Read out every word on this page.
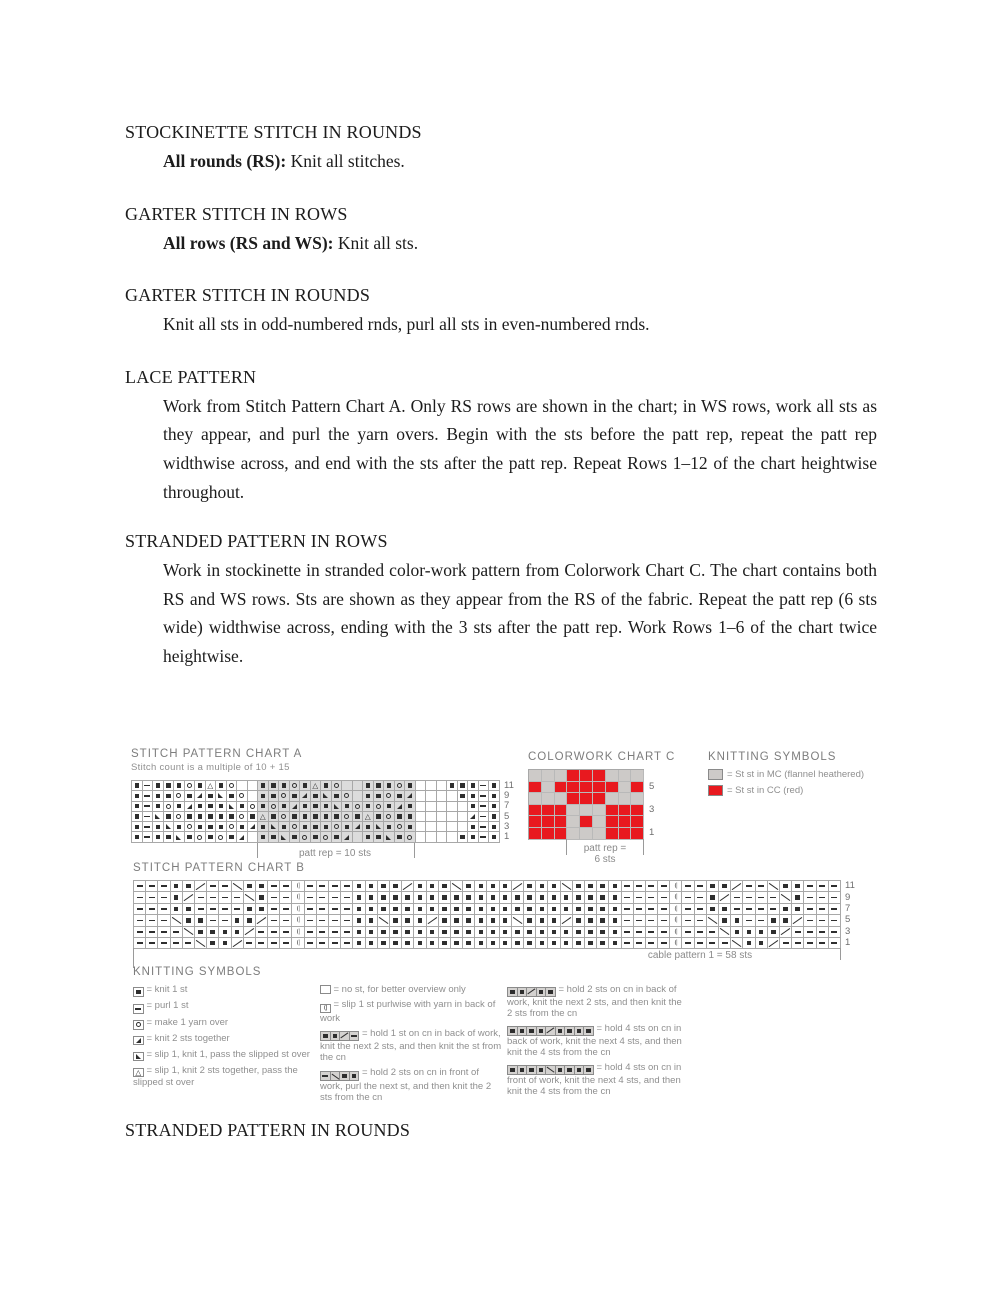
STOCKINETTE STITCH IN ROUNDS

All rounds (RS): Knit all stitches.

GARTER STITCH IN ROWS

All rows (RS and WS): Knit all sts.

GARTER STITCH IN ROUNDS

Knit all sts in odd-numbered rnds, purl all sts in even-numbered rnds.

LACE PATTERN

Work from Stitch Pattern Chart A. Only RS rows are shown in the chart; in WS rows, work all sts as they appear, and purl the yarn overs. Begin with the sts before the patt rep, repeat the patt rep widthwise across, and end with the sts after the patt rep. Repeat Rows 1–12 of the chart heightwise throughout.

STRANDED PATTERN IN ROWS

Work in stockinette in stranded color-work pattern from Colorwork Chart C. The chart contains both RS and WS rows. Sts are shown as they appear from the RS of the fabric. Repeat the patt rep (6 sts wide) widthwise across, ending with the 3 sts after the patt rep. Work Rows 1–6 of the chart twice heightwise.

STITCH PATTERN CHART A
Stitch count is a multiple of 10 + 15
△
△
△
△
11
9
7
5
3
1
patt rep = 10 sts
COLORWORK CHART C
5
3
1
patt rep =
6 sts
KNITTING SYMBOLS
= St st in MC (flannel heathered)
= St st in CC (red)
STITCH PATTERN CHART B
(|
(|
(|
(|
(|
(|
(|
(|
(|
(|
(|
(|
11
9
7
5
3
1
cable pattern 1 = 58 sts
KNITTING SYMBOLS
= knit 1 st
= purl 1 st
= make 1 yarn over
= knit 2 sts together
= slip 1, knit 1, pass the slipped st over
△
= slip 1, knit 2 sts together, pass the slipped st over
= no st, for better overview only
(|
= slip 1 st purlwise with yarn in back of work
= hold 1 st on cn in back of work, knit the next 2 sts, and then knit the st from the cn
= hold 2 sts on cn in front of work, purl the next st, and then knit the 2 sts from the cn
= hold 2 sts on cn in back of work, knit the next 2 sts, and then knit the 2 sts from the cn
= hold 4 sts on cn in back of work, knit the next 4 sts, and then knit the 4 sts from the cn
= hold 4 sts on cn in front of work, knit the next 4 sts, and then knit the 4 sts from the cn
STRANDED PATTERN IN ROUNDS
